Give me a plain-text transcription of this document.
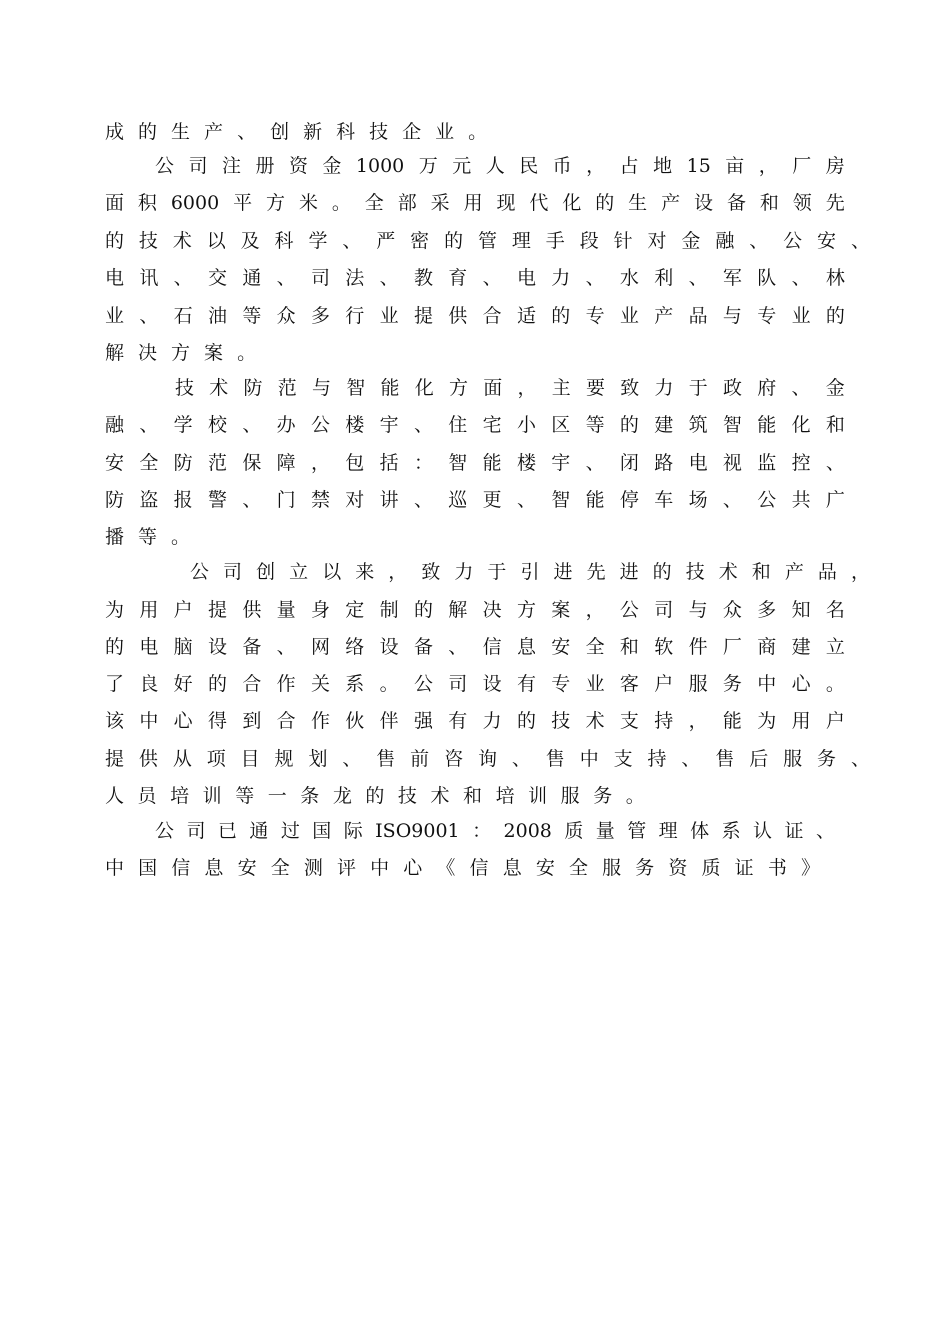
成 的 生 产 、 创 新 科 技 企 业 。
公 司 注 册 资 金 1000 万 元 人 民 币 ， 占 地 15 亩 ， 厂 房
面 积 6000 平 方 米 。 全 部 采 用 现 代 化 的 生 产 设 备 和 领 先
的 技 术 以 及 科 学 、 严 密 的 管 理 手 段 针 对 金 融 、 公 安 、
电 讯 、 交 通 、 司 法 、 教 育 、 电 力 、 水 利 、 军 队 、 林
业 、 石 油 等 众 多 行 业 提 供 合 适 的 专 业 产 品 与 专 业 的
解 决 方 案 。
技 术 防 范 与 智 能 化 方 面 ， 主 要 致 力 于 政 府 、 金
融 、 学 校 、 办 公 楼 宇 、 住 宅 小 区 等 的 建 筑 智 能 化 和
安 全 防 范 保 障 ， 包 括 ： 智 能 楼 宇 、 闭 路 电 视 监 控 、
防 盗 报 警 、 门 禁 对 讲 、 巡 更 、 智 能 停 车 场 、 公 共 广
播 等 。
公 司 创 立 以 来 ， 致 力 于 引 进 先 进 的 技 术 和 产 品 ，
为 用 户 提 供 量 身 定 制 的 解 决 方 案 ， 公 司 与 众 多 知 名
的 电 脑 设 备 、 网 络 设 备 、 信 息 安 全 和 软 件 厂 商 建 立
了 良 好 的 合 作 关 系 。 公 司 设 有 专 业 客 户 服 务 中 心 。
该 中 心 得 到 合 作 伙 伴 强 有 力 的 技 术 支 持 ， 能 为 用 户
提 供 从 项 目 规 划 、 售 前 咨 询 、 售 中 支 持 、 售 后 服 务 、
人 员 培 训 等 一 条 龙 的 技 术 和 培 训 服 务 。
公 司 已 通 过 国 际 ISO9001 ： 2008 质 量 管 理 体 系 认 证 、
中 国 信 息 安 全 测 评 中 心 《 信 息 安 全 服 务 资 质 证 书 》
